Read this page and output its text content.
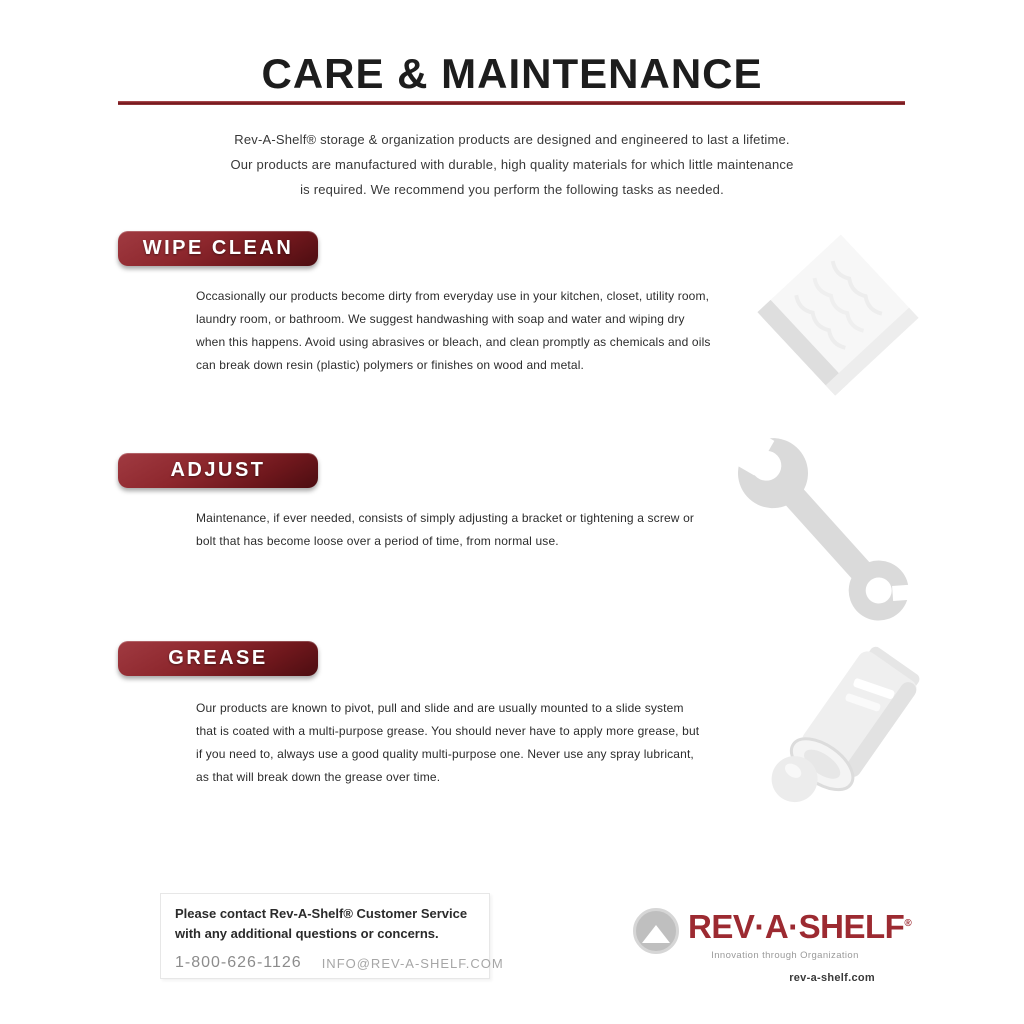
CARE & MAINTENANCE
Rev-A-Shelf® storage & organization products are designed and engineered to last a lifetime.
Our products are manufactured with durable, high quality materials for which little maintenance
is required. We recommend you perform the following tasks as needed.
WIPE CLEAN
Occasionally our products become dirty from everyday use in your kitchen, closet, utility room,
laundry room, or bathroom. We suggest handwashing with soap and water and wiping dry
when this happens. Avoid using abrasives or bleach, and clean promptly as chemicals and oils
can break down resin (plastic) polymers or finishes on wood and metal.
ADJUST
Maintenance, if ever needed, consists of simply adjusting a bracket or tightening a screw or
bolt that has become loose over a period of time, from normal use.
GREASE
Our products are known to pivot, pull and slide and are usually mounted to a slide system
that is coated with a multi-purpose grease. You should never have to apply more grease, but
if you need to, always use a good quality multi-purpose one. Never use any spray lubricant,
as that will break down the grease over time.
Please contact Rev-A-Shelf® Customer Service
with any additional questions or concerns.
1-800-626-1126 INFO@REV-A-SHELF.COM
REV·A·SHELF®
Innovation through Organization
rev-a-shelf.com
